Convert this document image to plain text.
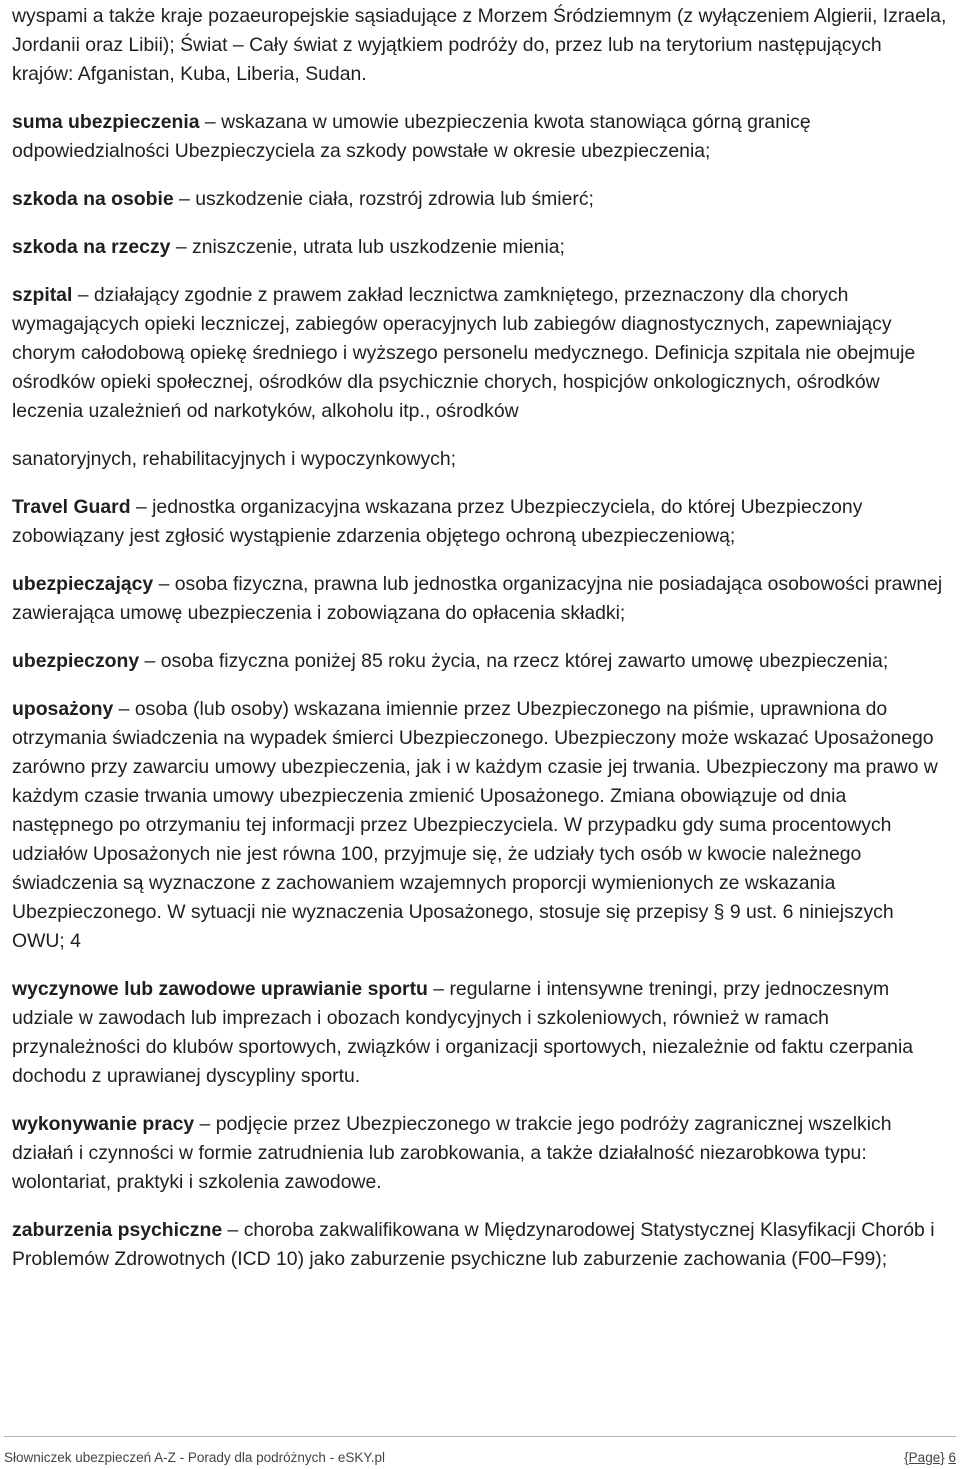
wyspami a także kraje pozaeuropejskie sąsiadujące z Morzem Śródziemnym (z wyłączeniem Algierii, Izraela, Jordanii oraz Libii); Świat – Cały świat z wyjątkiem podróży do, przez lub na terytorium następujących krajów: Afganistan, Kuba, Liberia, Sudan.

suma ubezpieczenia – wskazana w umowie ubezpieczenia kwota stanowiąca górną granicę odpowiedzialności Ubezpieczyciela za szkody powstałe w okresie ubezpieczenia;

szkoda na osobie – uszkodzenie ciała, rozstrój zdrowia lub śmierć;

szkoda na rzeczy – zniszczenie, utrata lub uszkodzenie mienia;

szpital – działający zgodnie z prawem zakład lecznictwa zamkniętego, przeznaczony dla chorych wymagających opieki leczniczej, zabiegów operacyjnych lub zabiegów diagnostycznych, zapewniający chorym całodobową opiekę średniego i wyższego personelu medycznego. Definicja szpitala nie obejmuje ośrodków opieki społecznej, ośrodków dla psychicznie chorych, hospicjów onkologicznych, ośrodków leczenia uzależnień od narkotyków, alkoholu itp., ośrodków

sanatoryjnych, rehabilitacyjnych i wypoczynkowych;

Travel Guard – jednostka organizacyjna wskazana przez Ubezpieczyciela, do której Ubezpieczony zobowiązany jest zgłosić wystąpienie zdarzenia objętego ochroną ubezpieczeniową;

ubezpieczający – osoba fizyczna, prawna lub jednostka organizacyjna nie posiadająca osobowości prawnej zawierająca umowę ubezpieczenia i zobowiązana do opłacenia składki;

ubezpieczony – osoba fizyczna poniżej 85 roku życia, na rzecz której zawarto umowę ubezpieczenia;

uposażony – osoba (lub osoby) wskazana imiennie przez Ubezpieczonego na piśmie, uprawniona do otrzymania świadczenia na wypadek śmierci Ubezpieczonego. Ubezpieczony może wskazać Uposażonego zarówno przy zawarciu umowy ubezpieczenia, jak i w każdym czasie jej trwania. Ubezpieczony ma prawo w każdym czasie trwania umowy ubezpieczenia zmienić Uposażonego. Zmiana obowiązuje od dnia następnego po otrzymaniu tej informacji przez Ubezpieczyciela. W przypadku gdy suma procentowych udziałów Uposażonych nie jest równa 100, przyjmuje się, że udziały tych osób w kwocie należnego świadczenia są wyznaczone z zachowaniem wzajemnych proporcji wymienionych ze wskazania Ubezpieczonego. W sytuacji nie wyznaczenia Uposażonego, stosuje się przepisy § 9 ust. 6 niniejszych OWU; 4

wyczynowe lub zawodowe uprawianie sportu – regularne i intensywne treningi, przy jednoczesnym udziale w zawodach lub imprezach i obozach kondycyjnych i szkoleniowych, również w ramach przynależności do klubów sportowych, związków i organizacji sportowych, niezależnie od faktu czerpania dochodu z uprawianej dyscypliny sportu.

wykonywanie pracy – podjęcie przez Ubezpieczonego w trakcie jego podróży zagranicznej wszelkich działań i czynności w formie zatrudnienia lub zarobkowania, a także działalność niezarobkowa typu: wolontariat, praktyki i szkolenia zawodowe.

zaburzenia psychiczne – choroba zakwalifikowana w Międzynarodowej Statystycznej Klasyfikacji Chorób i Problemów Zdrowotnych (ICD 10) jako zaburzenie psychiczne lub zaburzenie zachowania (F00–F99);

Słowniczek ubezpieczeń A-Z - Porady dla podróżnych - eSKY.pl	{Page} 6
